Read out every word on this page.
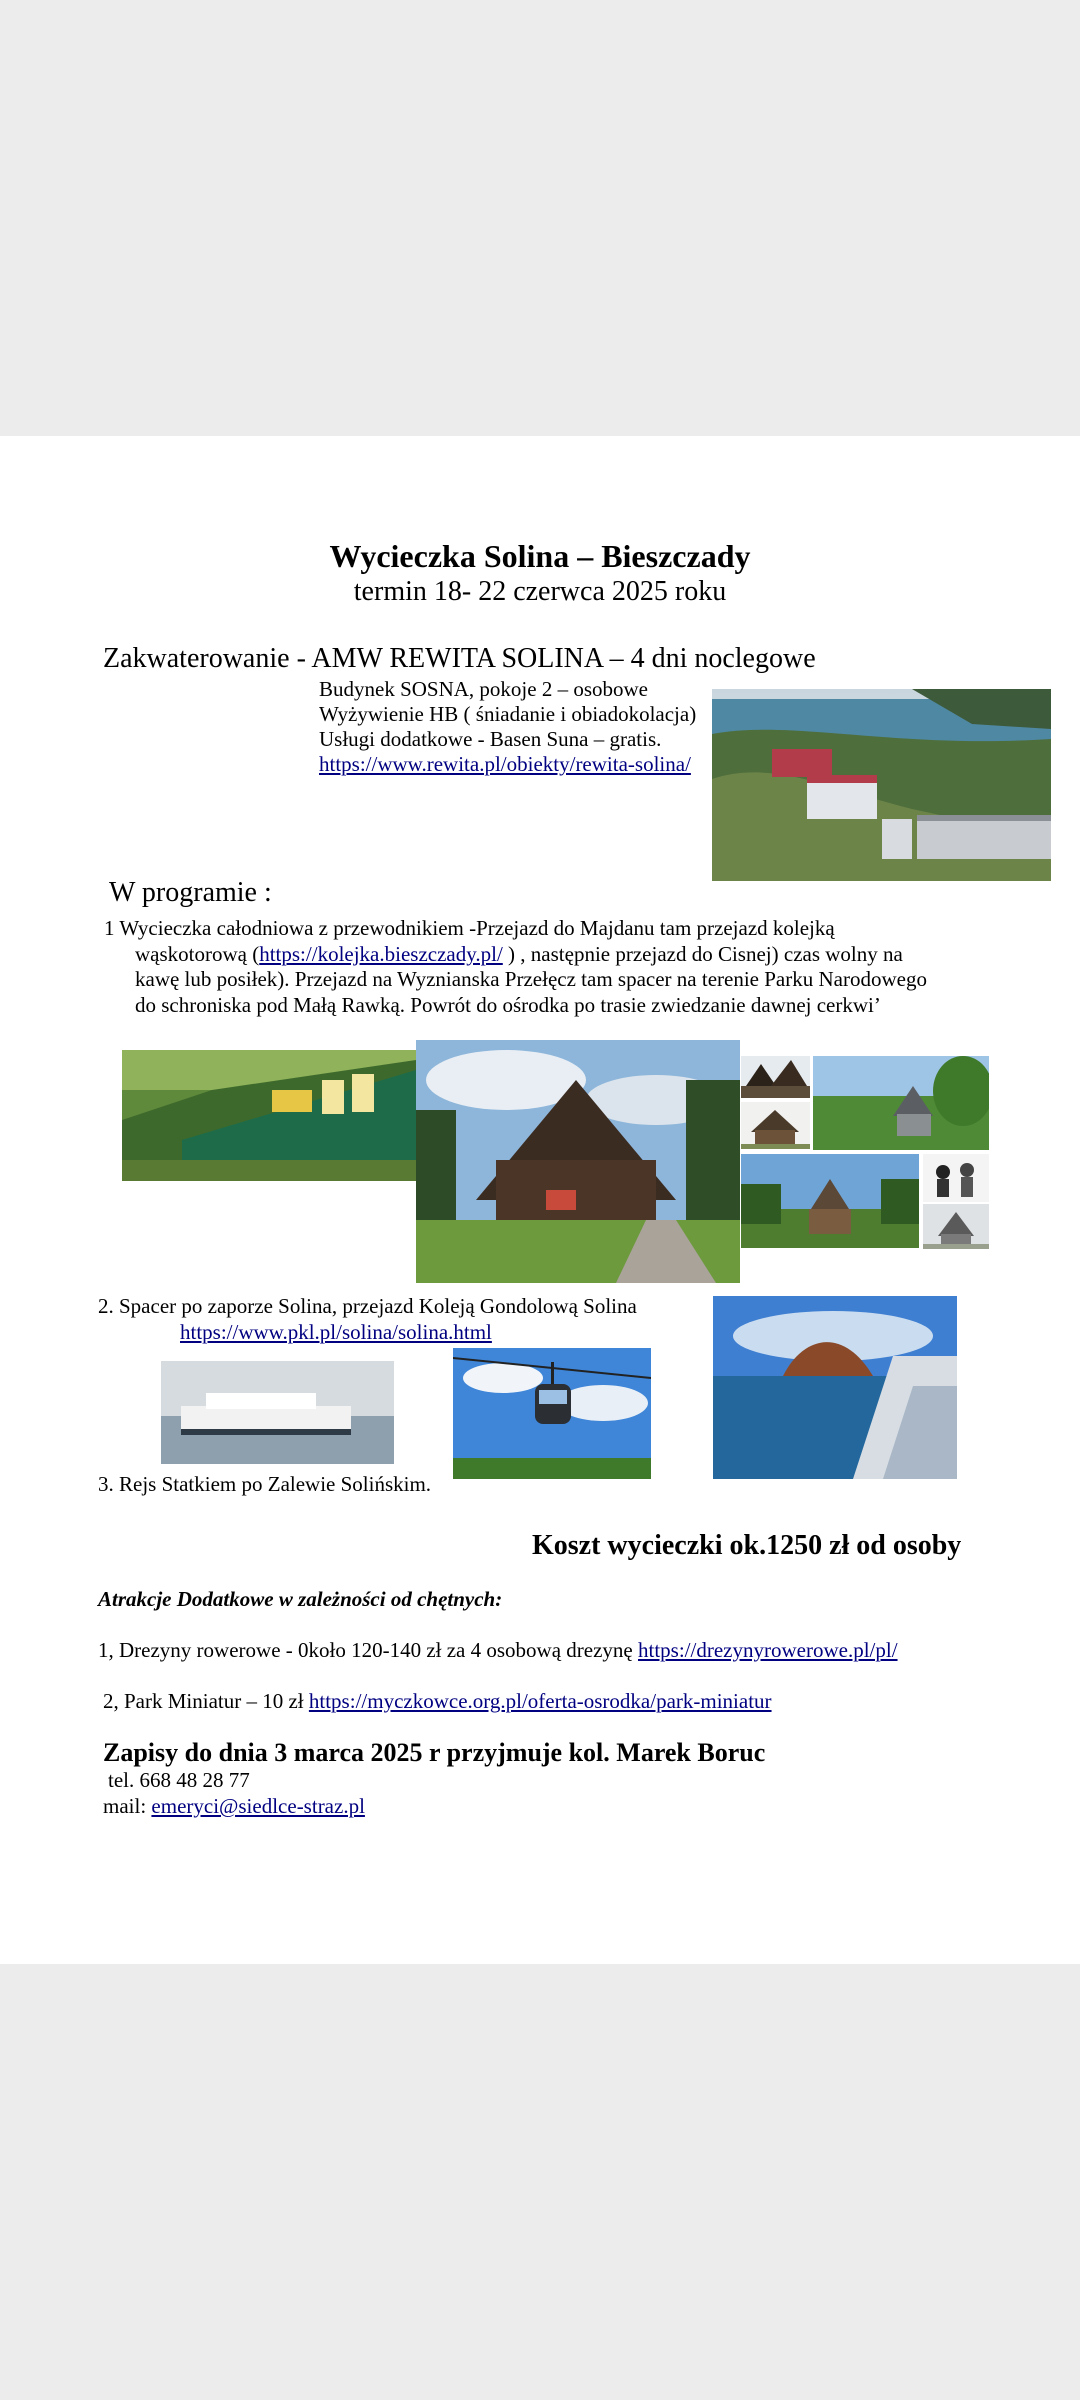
Wycieczka Solina – Bieszczady
termin 18- 22 czerwca 2025 roku
Zakwaterowanie - AMW REWITA SOLINA – 4 dni noclegowe
Budynek SOSNA, pokoje 2 – osobowe
Wyżywienie HB ( śniadanie i obiadokolacja)
Usługi dodatkowe - Basen Suna – gratis.
https://www.rewita.pl/obiekty/rewita-solina/
W programie :
1 Wycieczka całodniowa z przewodnikiem -Przejazd do Majdanu tam przejazd kolejką
wąskotorową (https://kolejka.bieszczady.pl/ ) , następnie przejazd do Cisnej) czas wolny na
kawę lub posiłek). Przejazd na Wyznianska Przełęcz tam spacer na terenie Parku Narodowego
do schroniska pod Małą Rawką. Powrót do ośrodka po trasie zwiedzanie dawnej cerkwi’
2. Spacer po zaporze Solina, przejazd Koleją Gondolową Solina
https://www.pkl.pl/solina/solina.html
3. Rejs Statkiem po Zalewie Solińskim.
Koszt wycieczki ok.1250 zł od osoby
Atrakcje Dodatkowe w zależności od chętnych:
1, Drezyny rowerowe - 0koło 120-140 zł za 4 osobową drezynę https://drezynyrowerowe.pl/pl/
2, Park Miniatur – 10 zł https://myczkowce.org.pl/oferta-osrodka/park-miniatur
Zapisy do dnia 3 marca 2025 r przyjmuje kol. Marek Boruc
tel. 668 48 28 77
mail: emeryci@siedlce-straz.pl
